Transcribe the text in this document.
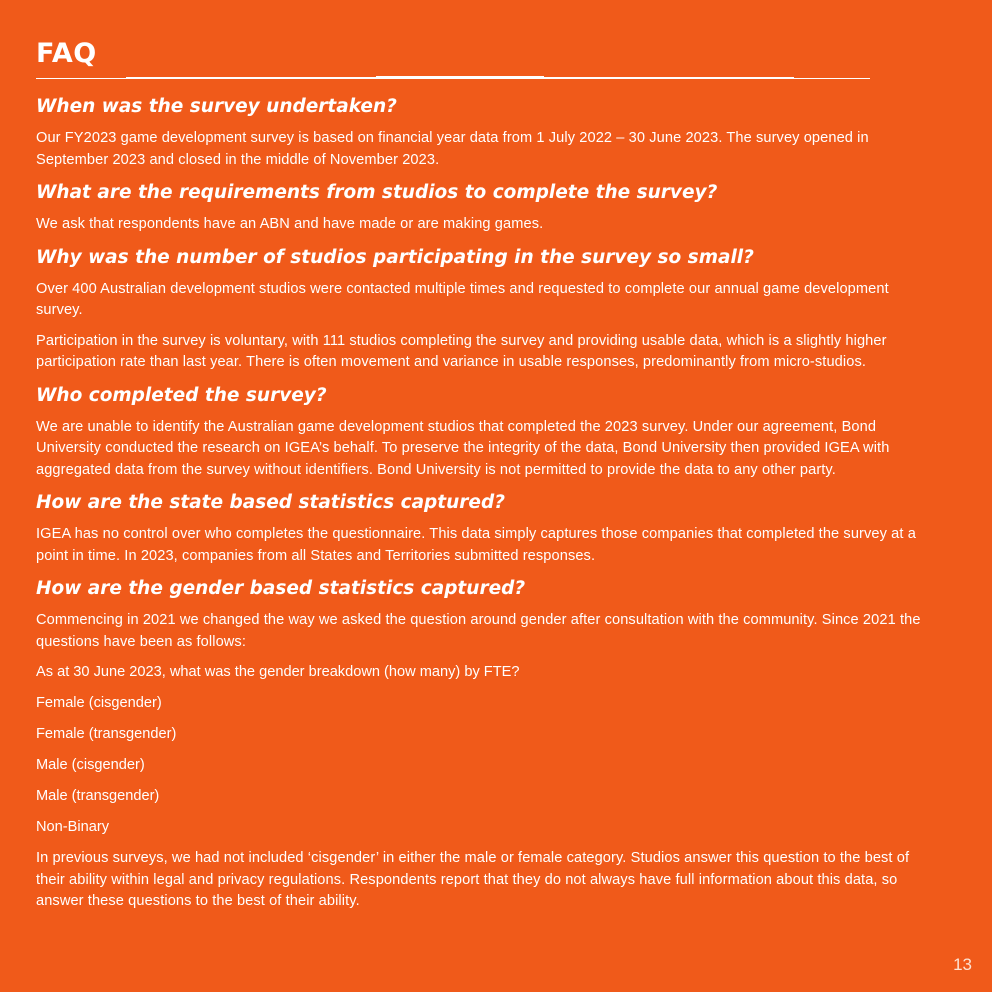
FAQ
When was the survey undertaken?
Our FY2023 game development survey is based on financial year data from 1 July 2022 – 30 June 2023. The survey opened in September 2023 and closed in the middle of November 2023.
What are the requirements from studios to complete the survey?
We ask that respondents have an ABN and have made or are making games.
Why was the number of studios participating in the survey so small?
Over 400 Australian development studios were contacted multiple times and requested to complete our annual game development survey.
Participation in the survey is voluntary, with 111 studios completing the survey and providing usable data, which is a slightly higher participation rate than last year. There is often movement and variance in usable responses, predominantly from micro-studios.
Who completed the survey?
We are unable to identify the Australian game development studios that completed the 2023 survey. Under our agreement, Bond University conducted the research on IGEA’s behalf. To preserve the integrity of the data, Bond University then provided IGEA with aggregated data from the survey without identifiers. Bond University is not permitted to provide the data to any other party.
How are the state based statistics captured?
IGEA has no control over who completes the questionnaire. This data simply captures those companies that completed the survey at a point in time. In 2023, companies from all States and Territories submitted responses.
How are the gender based statistics captured?
Commencing in 2021 we changed the way we asked the question around gender after consultation with the community. Since 2021 the questions have been as follows:
As at 30 June 2023, what was the gender breakdown (how many) by FTE?
Female (cisgender)
Female (transgender)
Male (cisgender)
Male (transgender)
Non-Binary
In previous surveys, we had not included ‘cisgender’ in either the male or female category. Studios answer this question to the best of their ability within legal and privacy regulations. Respondents report that they do not always have full information about this data, so answer these questions to the best of their ability.
13
